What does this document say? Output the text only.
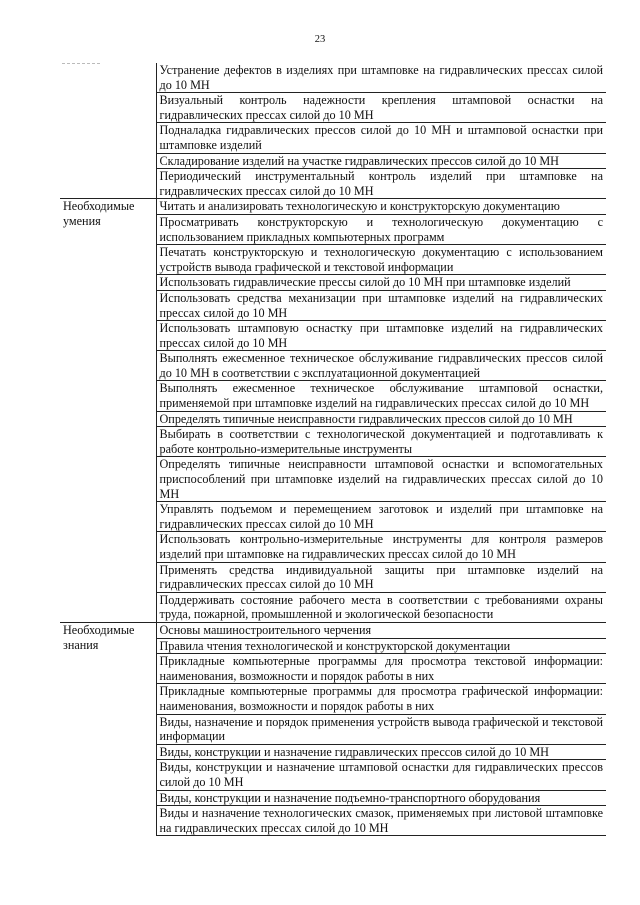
23
	Устранение дефектов в изделиях при штамповке на гидравлических прессах силой до 10 МН
	Визуальный контроль надежности крепления штамповой оснастки на гидравлических прессах силой до 10 МН
	Подналадка гидравлических прессов силой до 10 МН и штамповой оснастки при штамповке изделий
	Складирование изделий на участке гидравлических прессов силой до 10 МН
	Периодический инструментальный контроль изделий при штамповке на гидравлических прессах силой до 10 МН
Необходимые умения	Читать и анализировать технологическую и конструкторскую документацию
	Просматривать конструкторскую и технологическую документацию с использованием прикладных компьютерных программ
	Печатать конструкторскую и технологическую документацию с использованием устройств вывода графической и текстовой информации
	Использовать гидравлические прессы силой до 10 МН при штамповке изделий
	Использовать средства механизации при штамповке изделий на гидравлических прессах силой до 10 МН
	Использовать штамповую оснастку при штамповке изделий на гидравлических прессах силой до 10 МН
	Выполнять ежесменное техническое обслуживание гидравлических прессов силой до 10 МН в соответствии с эксплуатационной документацией
	Выполнять ежесменное техническое обслуживание штамповой оснастки, применяемой при штамповке изделий на гидравлических прессах силой до 10 МН
	Определять типичные неисправности гидравлических прессов силой до 10 МН
	Выбирать в соответствии с технологической документацией и подготавливать к работе контрольно-измерительные инструменты
	Определять типичные неисправности штамповой оснастки и вспомогательных приспособлений при штамповке изделий на гидравлических прессах силой до 10 МН
	Управлять подъемом и перемещением заготовок и изделий при штамповке на гидравлических прессах силой до 10 МН
	Использовать контрольно-измерительные инструменты для контроля размеров изделий при штамповке на гидравлических прессах силой до 10 МН
	Применять средства индивидуальной защиты при штамповке изделий на гидравлических прессах силой до 10 МН
	Поддерживать состояние рабочего места в соответствии с требованиями охраны труда, пожарной, промышленной и экологической безопасности
Необходимые знания	Основы машиностроительного черчения
	Правила чтения технологической и конструкторской документации
	Прикладные компьютерные программы для просмотра текстовой информации: наименования, возможности и порядок работы в них
	Прикладные компьютерные программы для просмотра графической информации: наименования, возможности и порядок работы в них
	Виды, назначение и порядок применения устройств вывода графической и текстовой информации
	Виды, конструкции и назначение гидравлических прессов силой до 10 МН
	Виды, конструкции и назначение штамповой оснастки для гидравлических прессов силой до 10 МН
	Виды, конструкции и назначение подъемно-транспортного оборудования
	Виды и назначение технологических смазок, применяемых при листовой штамповке на гидравлических прессах силой до 10 МН
